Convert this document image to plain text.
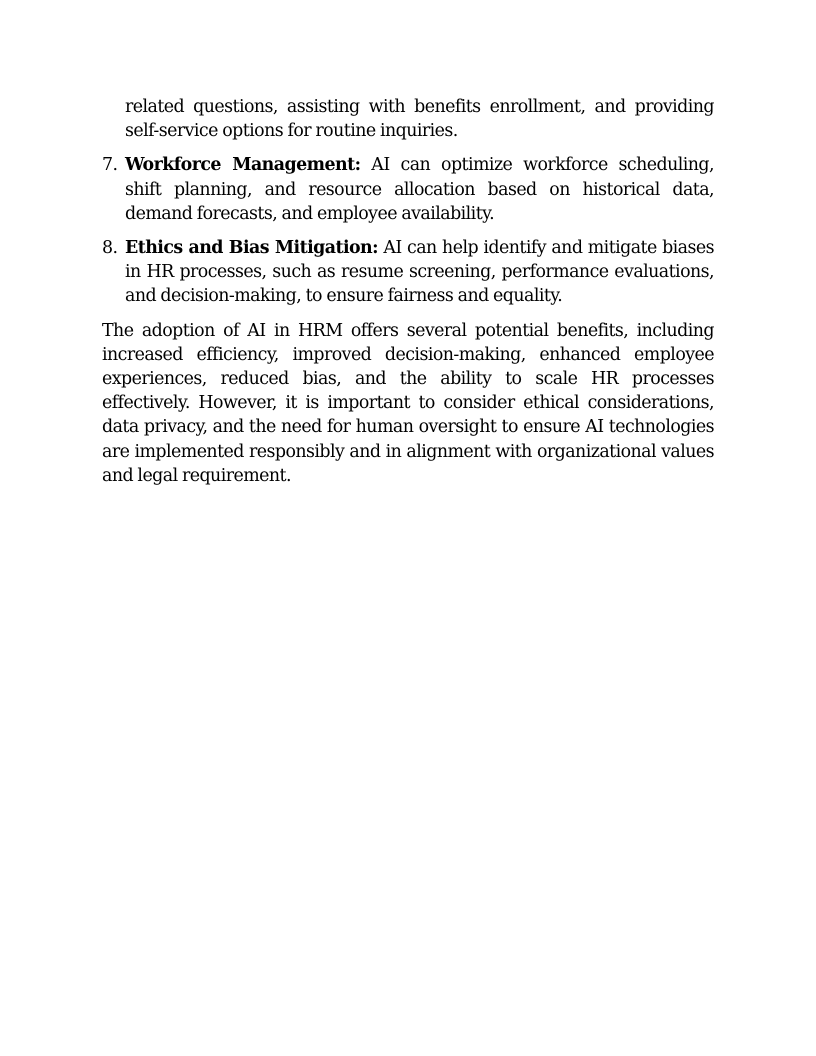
related questions, assisting with benefits enrollment, and providing self-service options for routine inquiries.

7. Workforce Management: AI can optimize workforce scheduling, shift planning, and resource allocation based on historical data, demand forecasts, and employee availability.
8. Ethics and Bias Mitigation: AI can help identify and mitigate biases in HR processes, such as resume screening, performance evaluations, and decision-making, to ensure fairness and equality.

The adoption of AI in HRM offers several potential benefits, including increased efficiency, improved decision-making, enhanced employee experiences, reduced bias, and the ability to scale HR processes effectively. However, it is important to consider ethical considerations, data privacy, and the need for human oversight to ensure AI technologies are implemented responsibly and in alignment with organizational values and legal requirement.
